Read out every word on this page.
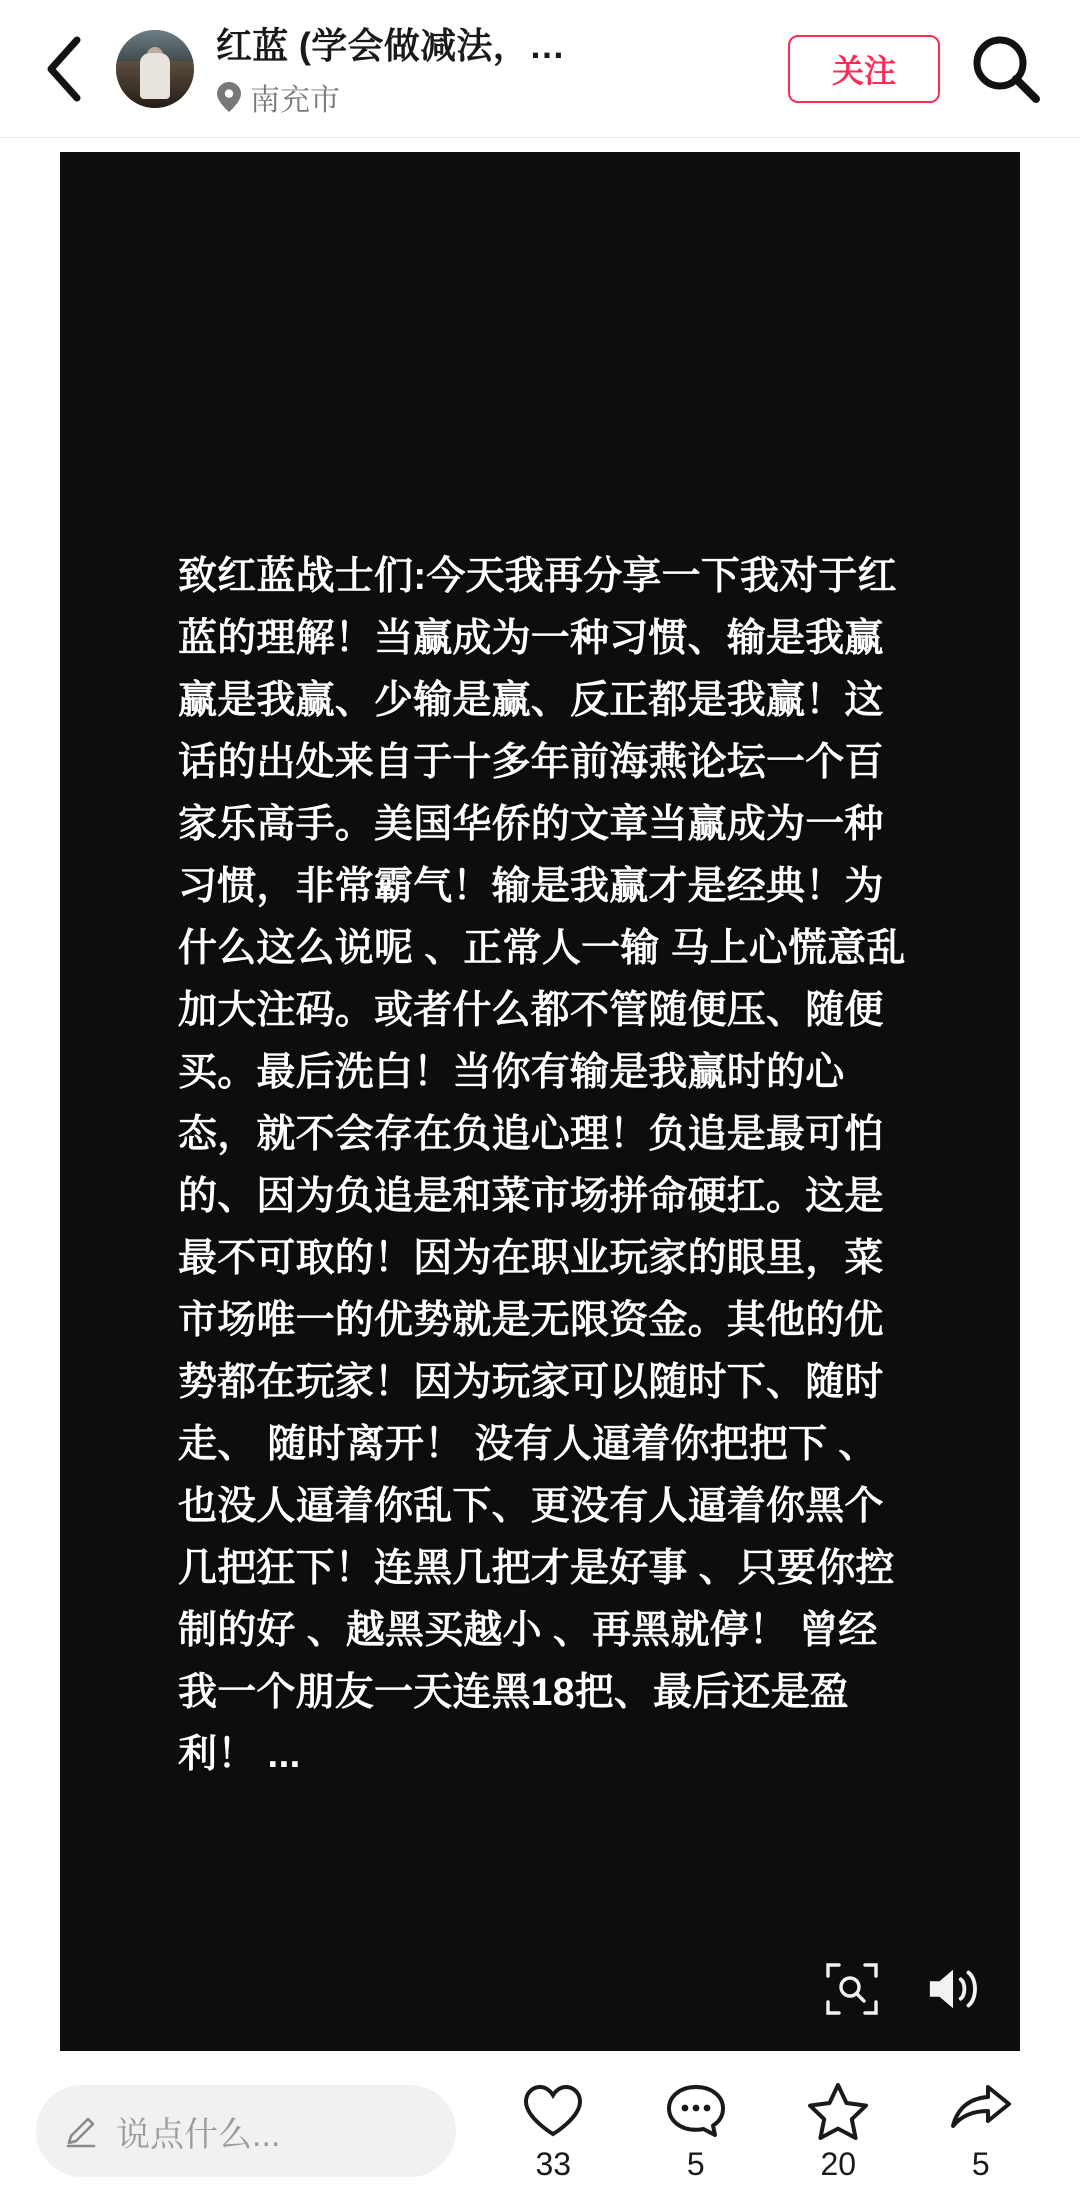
红蓝 (学会做减法，…
南充市
关注
致红蓝战士们:今天我再分享一下我对于红蓝的理解！当赢成为一种习惯、输是我赢赢是我赢、少输是赢、反正都是我赢！这话的出处来自于十多年前海燕论坛一个百家乐高手。美国华侨的文章当赢成为一种习惯，非常霸气！输是我赢才是经典！为什么这么说呢 、正常人一输 马上心慌意乱加大注码。或者什么都不管随便压、随便买。最后洗白！当你有输是我赢时的心态，就不会存在负追心理！负追是最可怕的、因为负追是和菜市场拼命硬扛。这是最不可取的！因为在职业玩家的眼里，菜市场唯一的优势就是无限资金。其他的优势都在玩家！因为玩家可以随时下、随时走、 随时离开！ 没有人逼着你把把下 、也没人逼着你乱下、更没有人逼着你黑个几把狂下！连黑几把才是好事 、只要你控制的好 、越黑买越小 、再黑就停！ 曾经我一个朋友一天连黑18把、最后还是盈利！ ...
说点什么...
33	5	20	5
